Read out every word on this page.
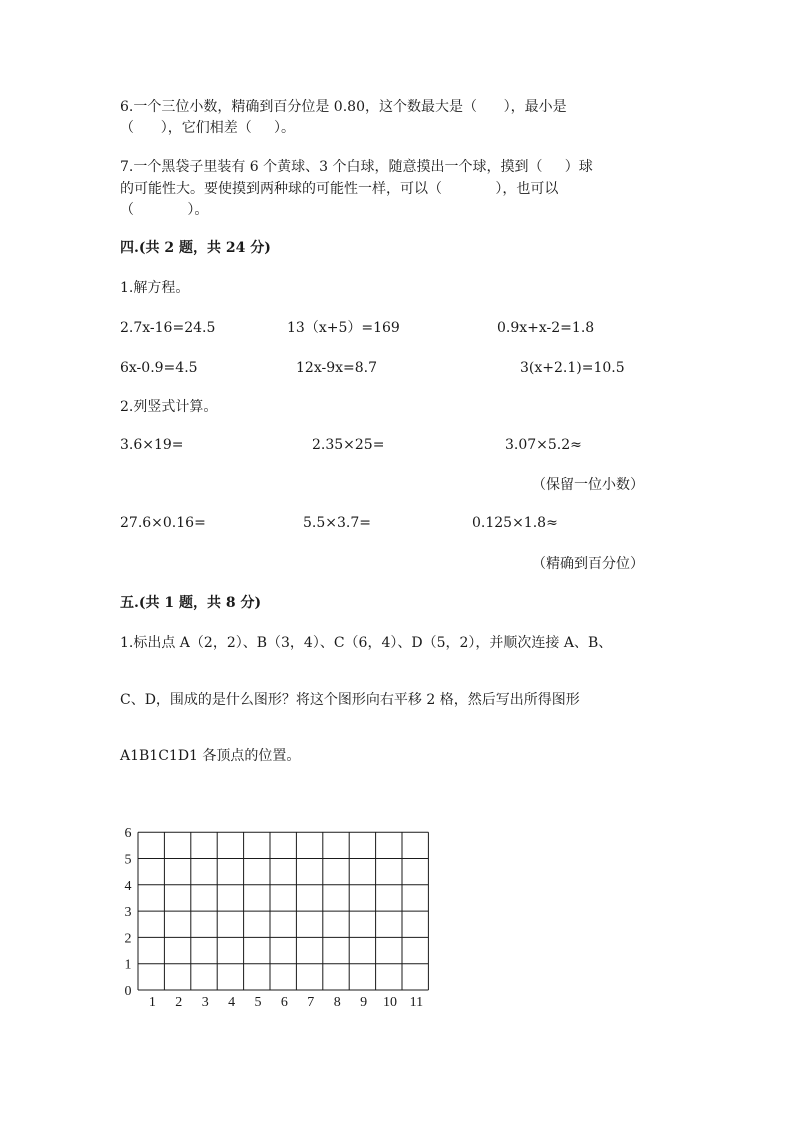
6.一个三位小数，精确到百分位是 0.80，这个数最大是（      ），最小是
（      ），它们相差（     ）。
7.一个黑袋子里装有 6 个黄球、3 个白球，随意摸出一个球，摸到（     ）球
的可能性大。要使摸到两种球的可能性一样，可以（            ），也可以
（            ）。
四.(共 2 题，共 24 分)
1.解方程。
2.7x-16=24.5	13（x+5）=169	0.9x+x-2=1.8
6x-0.9=4.5	12x-9x=8.7	3(x+2.1)=10.5
2.列竖式计算。
3.6×19=	2.35×25=	3.07×5.2≈
（保留一位小数）
27.6×0.16=	5.5×3.7=	0.125×1.8≈
（精确到百分位）
五.(共 1 题，共 8 分)
1.标出点 A（2，2）、B（3，4）、C（6，4）、D（5，2），并顺次连接 A、B、
C、D，围成的是什么图形？将这个图形向右平移 2 格，然后写出所得图形
A1B1C1D1 各顶点的位置。
1 2 3 4 5 6 7 8 9 10 11
0
1
2
3
4
5
6
